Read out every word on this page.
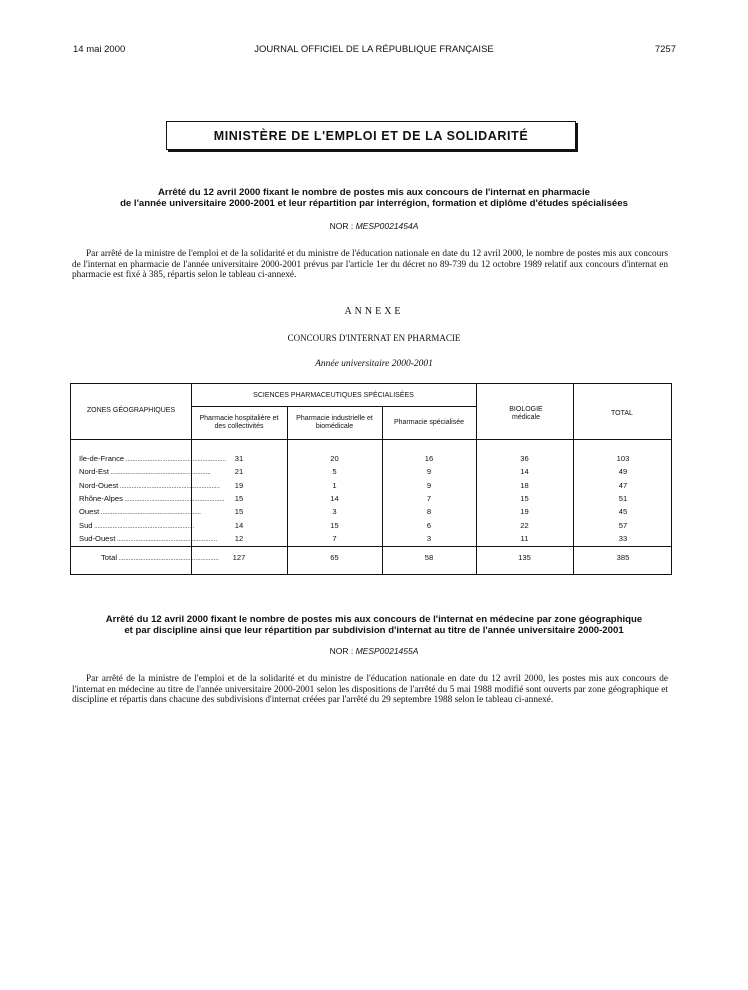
14 mai 2000	JOURNAL OFFICIEL DE LA RÉPUBLIQUE FRANÇAISE	7257
MINISTÈRE DE L'EMPLOI ET DE LA SOLIDARITÉ
Arrêté du 12 avril 2000 fixant le nombre de postes mis aux concours de l'internat en pharmacie
de l'année universitaire 2000-2001 et leur répartition par interrégion, formation et diplôme d'études spécialisées
NOR : MESP0021454A
Par arrêté de la ministre de l'emploi et de la solidarité et du ministre de l'éducation nationale en date du 12 avril 2000, le nombre de postes mis aux concours de l'internat en pharmacie de l'année universitaire 2000-2001 prévus par l'article 1er du décret no 89-739 du 12 octobre 1989 relatif aux concours d'internat en pharmacie est fixé à 385, répartis selon le tableau ci-annexé.
ANNEXE
CONCOURS D'INTERNAT EN PHARMACIE
Année universitaire 2000-2001
ZONES GÉOGRAPHIQUES
SCIENCES PHARMACEUTIQUES SPÉCIALISÉES
Pharmacie hospitalière et des collectivités
Pharmacie industrielle et biomédicale
Pharmacie spécialisée
BIOLOGIE médicale
TOTAL
Ile-de-France ............................................................	31	20	16	36	103
Nord-Est ............................................................	21	5	9	14	49
Nord-Ouest ............................................................	19	1	9	18	47
Rhône-Alpes ............................................................	15	14	7	15	51
Ouest ............................................................	15	3	8	19	45
Sud ............................................................	14	15	6	22	57
Sud-Ouest ............................................................	12	7	3	11	33
Total ............................................................	127	65	58	135	385
Arrêté du 12 avril 2000 fixant le nombre de postes mis aux concours de l'internat en médecine par zone géographique
et par discipline ainsi que leur répartition par subdivision d'internat au titre de l'année universitaire 2000-2001
NOR : MESP0021455A
Par arrêté de la ministre de l'emploi et de la solidarité et du ministre de l'éducation nationale en date du 12 avril 2000, les postes mis aux concours de l'internat en médecine au titre de l'année universitaire 2000-2001 selon les dispositions de l'arrêté du 5 mai 1988 modifié sont ouverts par zone géographique et discipline et répartis dans chacune des subdivisions d'internat créées par l'arrêté du 29 septembre 1988 selon le tableau ci-annexé.
